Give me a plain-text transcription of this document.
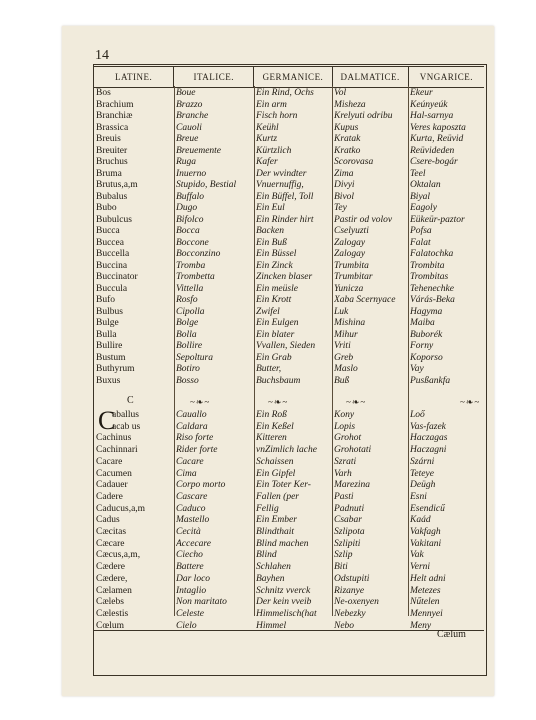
14
LATINE.	ITALICE.	GERMANICE.	DALMATICE.	VNGARICE.
Bos	Boue	Ein Rind, Ochs	Vol	Ekeur
Brachium	Brazzo	Ein arm	Misheza	Keúnyeúk
Branchiæ	Branche	Fisch horn	Krelyuti odribu	Hal-sarnya
Brassica	Cauoli	Keühl	Kupus	Veres kaposzta
Breuis	Breue	Kurtz	Kratak	Kurta, Reüvid
Breuiter	Breuemente	Kürtzlich	Kratko	Reüvideden
Bruchus	Ruga	Kafer	Scorovasa	Csere-bogár
Bruma	Inuerno	Der wvindter	Zima	Teel
Brutus,a,m	Stupido, Bestial	Vnuernuffig,	Divyi	Oktalan
Bubalus	Buffalo	Ein Büffel, Toll	Bivol	Biyal
Bubo	Dugo	Ein Eul	Tey	Eagoly
Bubulcus	Bifolco	Ein Rinder hirt	Pastir od volov	Eükeür-paztor
Bucca	Bocca	Backen	Cselyuzti	Pofsa
Buccea	Boccone	Ein Buß	Zalogay	Falat
Buccella	Bocconzino	Ein Büssel	Zalogay	Falatochka
Buccina	Tromba	Ein Zinck	Trumbita	Trombita
Buccinator	Trombetta	Zincken blaser	Trumbitar	Trombitas
Buccula	Vittella	Ein meüsle	Yunicza	Tehenechke
Bufo	Rosfo	Ein Krott	Xaba Scernyace	Várás-Beka
Bulbus	Cipolla	Zwifel	Luk	Hagyma
Bulge	Bolge	Ein Eulgen	Mishina	Maiba
Bulla	Bolla	Ein blater	Mihur	Buborék
Bullire	Bollire	Vvallen, Sieden	Vriti	Forny
Bustum	Sepoltura	Ein Grab	Greb	Koporso
Buthyrum	Botiro	Butter,	Maslo	Vay
Buxus	Bosso	Buchsbaum	Buß	Pusßankfa
C	~❧~	~❧~	~❧~	~❧~
C
aballus	Cauallo	Ein Roß	Kony	Loő
acab us	Caldara	Ein Keßel	Lopis	Vas-fazek
Cachinus	Riso forte	Kitteren	Grohot	Haczagas
Cachinnari	Rider forte	vnZimlich lache	Grohotati	Haczagni
Cacare	Cacare	Schaissen	Szrati	Szárni
Cacumen	Cima	Ein Gipfel	Varh	Teteye
Cadauer	Corpo morto	Ein Toter Ker-	Marezina	Deügh
Cadere	Cascare	Fallen (per	Pasti	Esni
Caducus,a,m	Caduco	Fellig	Padnuti	Esendicű
Cadus	Mastello	Ein Ember	Csabar	Kaád
Cæcitas	Cecità	Blindthait	Szlipota	Vakfagh
Cæcare	Accecare	Blind machen	Szlipiti	Vakitani
Cæcus,a,m,	Ciecho	Blind	Szlip	Vak
Cædere	Battere	Schlahen	Biti	Verni
Cædere,	Dar loco	Bayhen	Odstupiti	Helt adni
Cælamen	Intaglio	Schnitz vverck	Rizanye	Metezes
Cælebs	Non maritato	Der kein vveib	Ne-oxenyen	Nűtelen
Cælestis	Celeste	Himmelisch(hat	Nebezky	Mennyei
Cœlum	Cielo	Himmel	Nebo	Meny
Cælum
